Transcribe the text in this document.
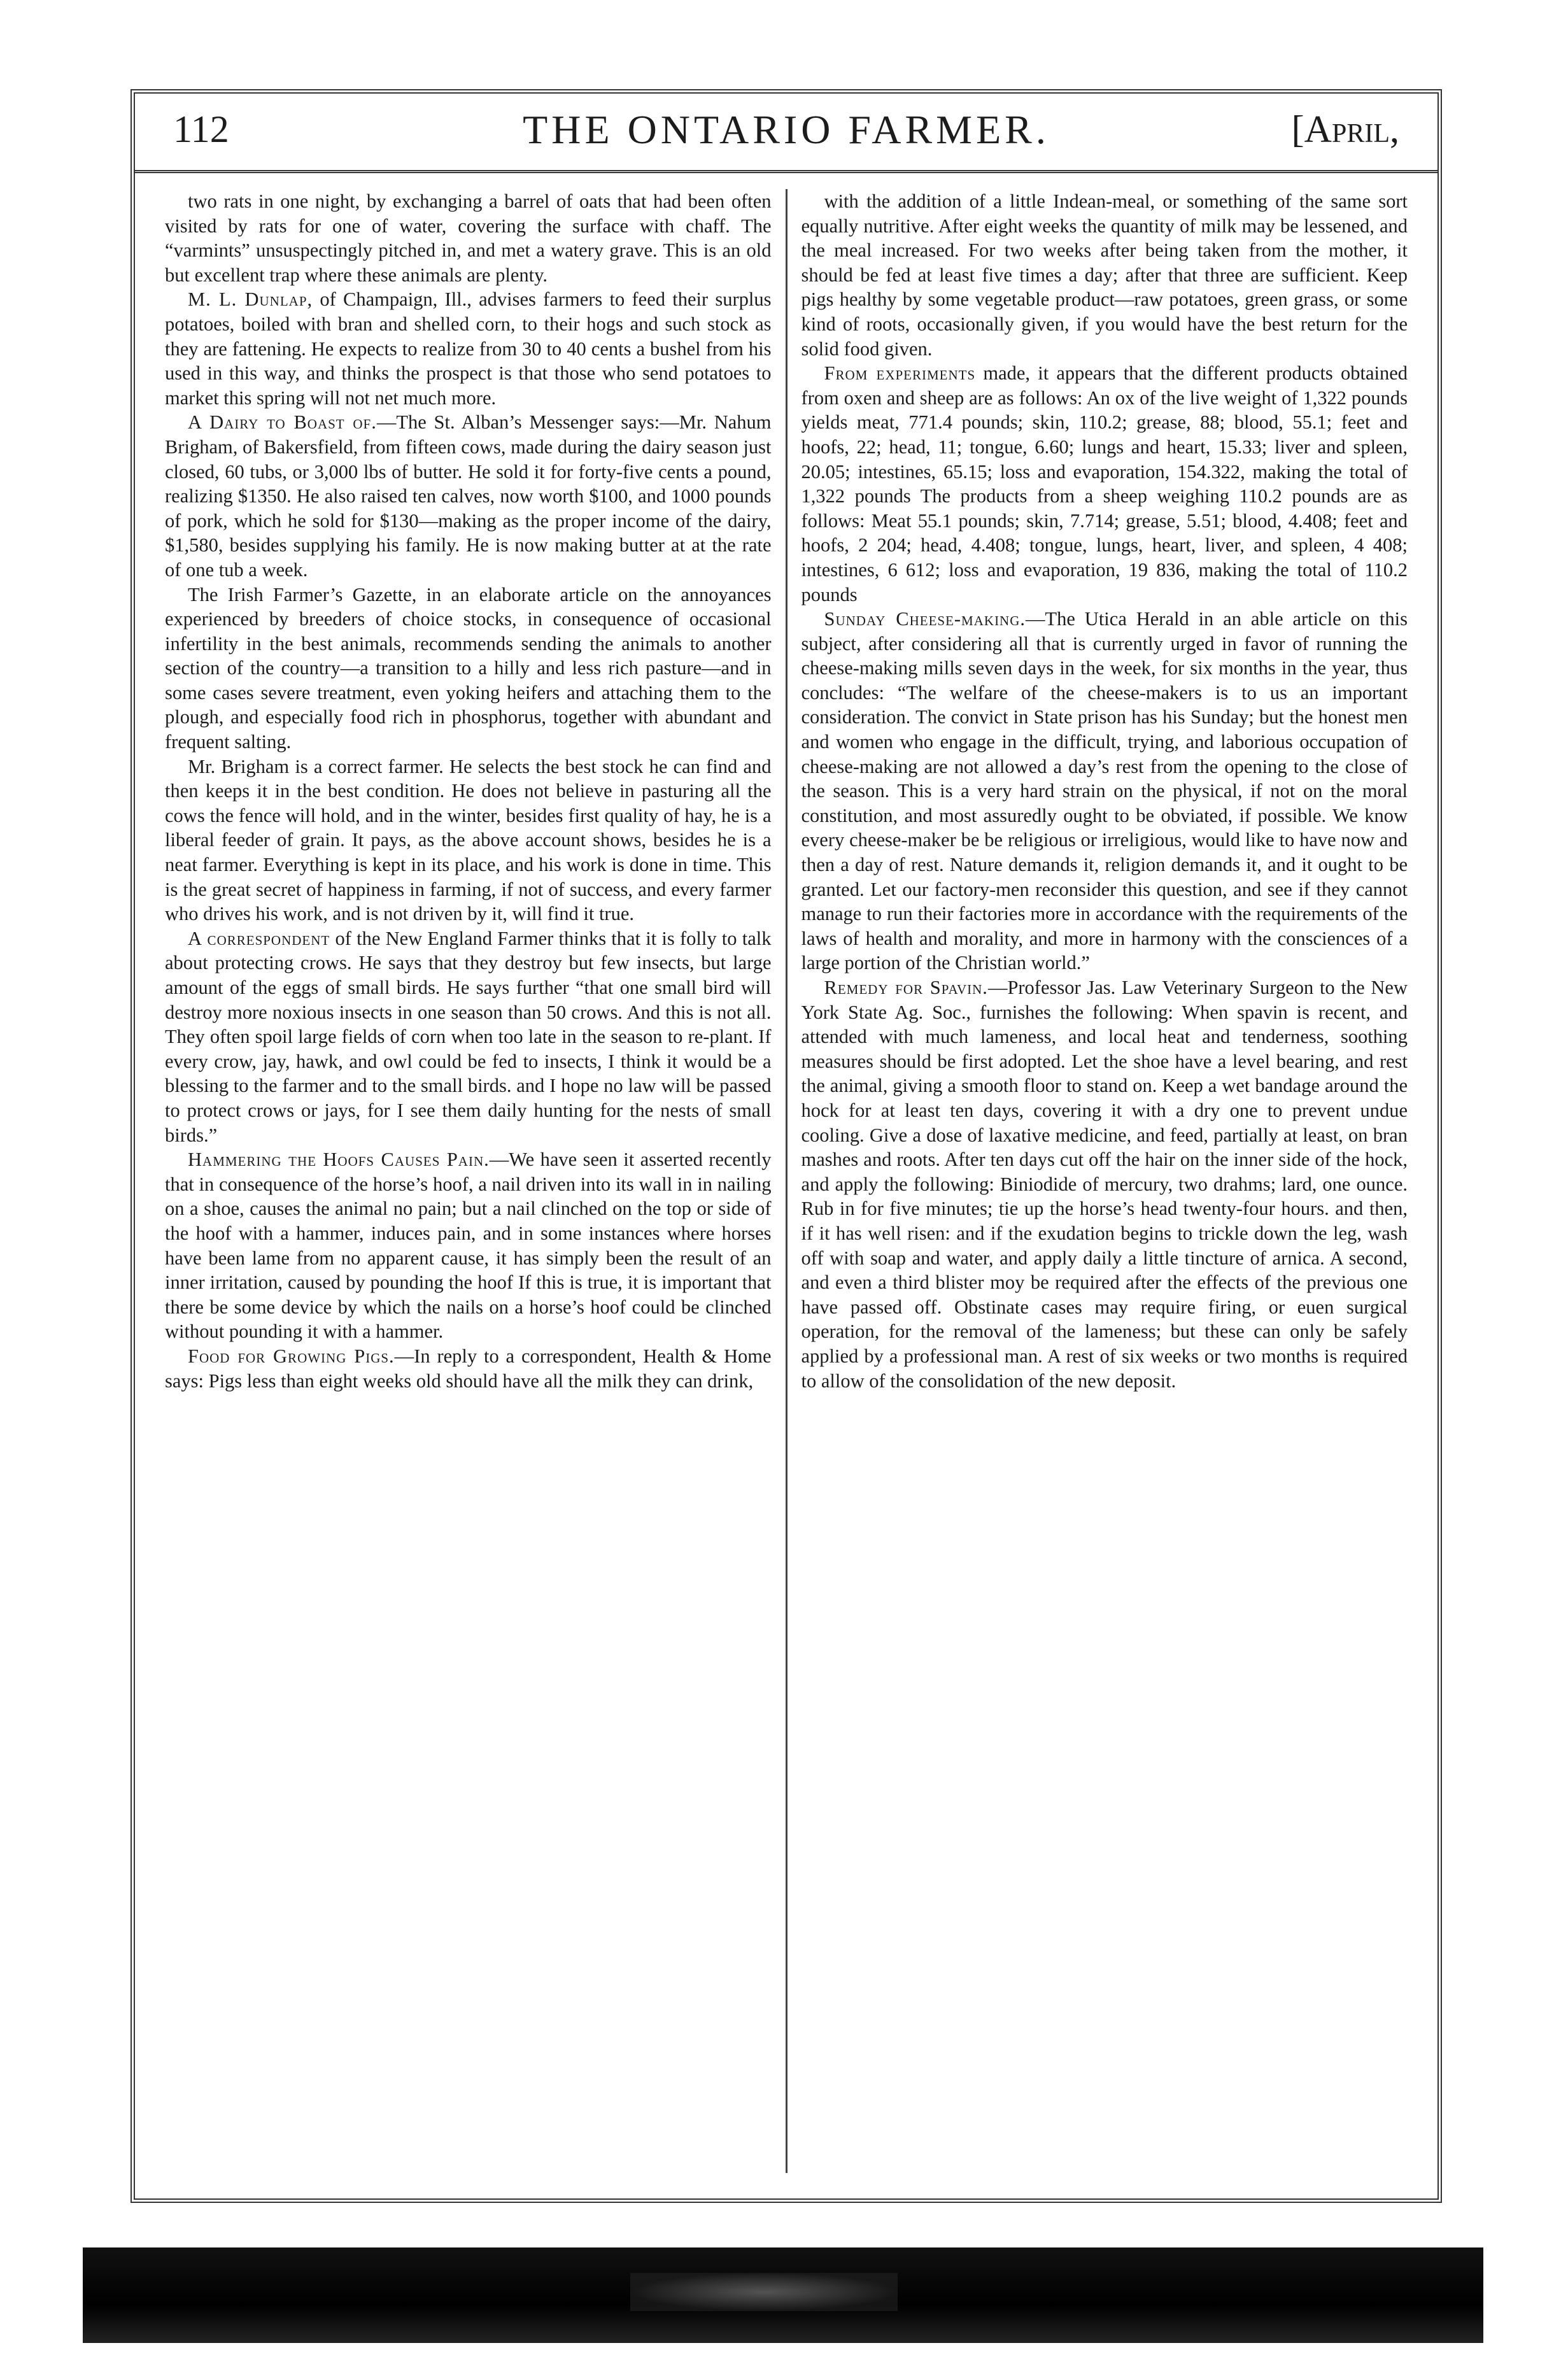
112	THE ONTARIO FARMER.	[April,

two rats in one night, by exchanging a barrel of oats that had been often visited by rats for one of water, covering the surface with chaff. The “varmints” unsuspectingly pitched in, and met a watery grave. This is an old but excellent trap where these animals are plenty.

M. L. Dunlap, of Champaign, Ill., advises farmers to feed their surplus potatoes, boiled with bran and shelled corn, to their hogs and such stock as they are fattening. He expects to realize from 30 to 40 cents a bushel from his used in this way, and thinks the prospect is that those who send potatoes to market this spring will not net much more.

A Dairy to Boast of.—The St. Alban’s Messenger says:—Mr. Nahum Brigham, of Bakersfield, from fifteen cows, made during the dairy season just closed, 60 tubs, or 3,000 lbs of butter. He sold it for forty-five cents a pound, realizing $1350. He also raised ten calves, now worth $100, and 1000 pounds of pork, which he sold for $130—making as the proper income of the dairy, $1,580, besides supplying his family. He is now making butter at at the rate of one tub a week.

The Irish Farmer’s Gazette, in an elaborate article on the annoyances experienced by breeders of choice stocks, in consequence of occasional infertility in the best animals, recommends sending the animals to another section of the country—a transition to a hilly and less rich pasture—and in some cases severe treatment, even yoking heifers and attaching them to the plough, and especially food rich in phosphorus, together with abundant and frequent salting.

Mr. Brigham is a correct farmer. He selects the best stock he can find and then keeps it in the best condition. He does not believe in pasturing all the cows the fence will hold, and in the winter, besides first quality of hay, he is a liberal feeder of grain. It pays, as the above account shows, besides he is a neat farmer. Everything is kept in its place, and his work is done in time. This is the great secret of happiness in farming, if not of success, and every farmer who drives his work, and is not driven by it, will find it true.

A correspondent of the New England Farmer thinks that it is folly to talk about protecting crows. He says that they destroy but few insects, but large amount of the eggs of small birds. He says further “that one small bird will destroy more noxious insects in one season than 50 crows. And this is not all. They often spoil large fields of corn when too late in the season to re-plant. If every crow, jay, hawk, and owl could be fed to insects, I think it would be a blessing to the farmer and to the small birds. and I hope no law will be passed to protect crows or jays, for I see them daily hunting for the nests of small birds.”

Hammering the Hoofs Causes Pain.—We have seen it asserted recently that in consequence of the horse’s hoof, a nail driven into its wall in in nailing on a shoe, causes the animal no pain; but a nail clinched on the top or side of the hoof with a hammer, induces pain, and in some instances where horses have been lame from no apparent cause, it has simply been the result of an inner irritation, caused by pounding the hoof If this is true, it is important that there be some device by which the nails on a horse’s hoof could be clinched without pounding it with a hammer.

Food for Growing Pigs.—In reply to a correspondent, Health & Home says: Pigs less than eight weeks old should have all the milk they can drink,

with the addition of a little Indean-meal, or something of the same sort equally nutritive. After eight weeks the quantity of milk may be lessened, and the meal increased. For two weeks after being taken from the mother, it should be fed at least five times a day; after that three are sufficient. Keep pigs healthy by some vegetable product—raw potatoes, green grass, or some kind of roots, occasionally given, if you would have the best return for the solid food given.

From experiments made, it appears that the different products obtained from oxen and sheep are as follows: An ox of the live weight of 1,322 pounds yields meat, 771.4 pounds; skin, 110.2; grease, 88; blood, 55.1; feet and hoofs, 22; head, 11; tongue, 6.60; lungs and heart, 15.33; liver and spleen, 20.05; intestines, 65.15; loss and evaporation, 154.322, making the total of 1,322 pounds The products from a sheep weighing 110.2 pounds are as follows: Meat 55.1 pounds; skin, 7.714; grease, 5.51; blood, 4.408; feet and hoofs, 2 204; head, 4.408; tongue, lungs, heart, liver, and spleen, 4 408; intestines, 6 612; loss and evaporation, 19 836, making the total of 110.2 pounds

Sunday Cheese-making.—The Utica Herald in an able article on this subject, after considering all that is currently urged in favor of running the cheese-making mills seven days in the week, for six months in the year, thus concludes: “The welfare of the cheese-makers is to us an important consideration. The convict in State prison has his Sunday; but the honest men and women who engage in the difficult, trying, and laborious occupation of cheese-making are not allowed a day’s rest from the opening to the close of the season. This is a very hard strain on the physical, if not on the moral constitution, and most assuredly ought to be obviated, if possible. We know every cheese-maker be be religious or irreligious, would like to have now and then a day of rest. Nature demands it, religion demands it, and it ought to be granted. Let our factory-men reconsider this question, and see if they cannot manage to run their factories more in accordance with the requirements of the laws of health and morality, and more in harmony with the consciences of a large portion of the Christian world.”

Remedy for Spavin.—Professor Jas. Law Veterinary Surgeon to the New York State Ag. Soc., furnishes the following: When spavin is recent, and attended with much lameness, and local heat and tenderness, soothing measures should be first adopted. Let the shoe have a level bearing, and rest the animal, giving a smooth floor to stand on. Keep a wet bandage around the hock for at least ten days, covering it with a dry one to prevent undue cooling. Give a dose of laxative medicine, and feed, partially at least, on bran mashes and roots. After ten days cut off the hair on the inner side of the hock, and apply the following: Biniodide of mercury, two drahms; lard, one ounce. Rub in for five minutes; tie up the horse’s head twenty-four hours. and then, if it has well risen: and if the exudation begins to trickle down the leg, wash off with soap and water, and apply daily a little tincture of arnica. A second, and even a third blister moy be required after the effects of the previous one have passed off. Obstinate cases may require firing, or euen surgical operation, for the removal of the lameness; but these can only be safely applied by a professional man. A rest of six weeks or two months is required to allow of the consolidation of the new deposit.
